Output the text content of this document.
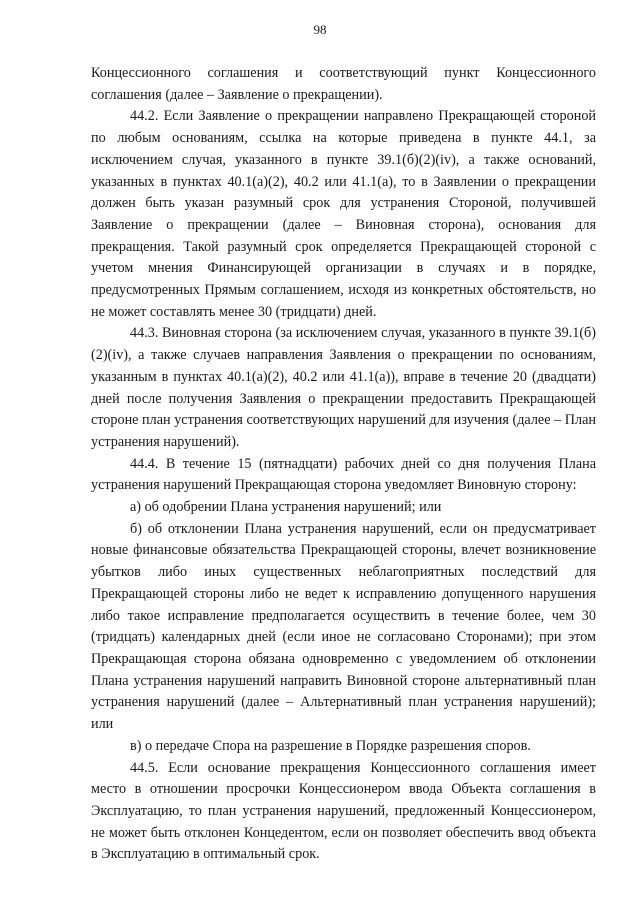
98

Концессионного соглашения и соответствующий пункт Концессионного соглашения (далее – Заявление о прекращении).

44.2. Если Заявление о прекращении направлено Прекращающей стороной по любым основаниям, ссылка на которые приведена в пункте 44.1, за исключением случая, указанного в пункте 39.1(б)(2)(iv), а также оснований, указанных в пунктах 40.1(а)(2), 40.2 или 41.1(а), то в Заявлении о прекращении должен быть указан разумный срок для устранения Стороной, получившей Заявление о прекращении (далее – Виновная сторона), основания для прекращения. Такой разумный срок определяется Прекращающей стороной с учетом мнения Финансирующей организации в случаях и в порядке, предусмотренных Прямым соглашением, исходя из конкретных обстоятельств, но не может составлять менее 30 (тридцати) дней.

44.3. Виновная сторона (за исключением случая, указанного в пункте 39.1(б)(2)(iv), а также случаев направления Заявления о прекращении по основаниям, указанным в пунктах 40.1(а)(2), 40.2 или 41.1(а)), вправе в течение 20 (двадцати) дней после получения Заявления о прекращении предоставить Прекращающей стороне план устранения соответствующих нарушений для изучения (далее – План устранения нарушений).

44.4. В течение 15 (пятнадцати) рабочих дней со дня получения Плана устранения нарушений Прекращающая сторона уведомляет Виновную сторону:

а) об одобрении Плана устранения нарушений; или

б) об отклонении Плана устранения нарушений, если он предусматривает новые финансовые обязательства Прекращающей стороны, влечет возникновение убытков либо иных существенных неблагоприятных последствий для Прекращающей стороны либо не ведет к исправлению допущенного нарушения либо такое исправление предполагается осуществить в течение более, чем 30 (тридцать) календарных дней (если иное не согласовано Сторонами); при этом Прекращающая сторона обязана одновременно с уведомлением об отклонении Плана устранения нарушений направить Виновной стороне альтернативный план устранения нарушений (далее – Альтернативный план устранения нарушений); или

в) о передаче Спора на разрешение в Порядке разрешения споров.

44.5. Если основание прекращения Концессионного соглашения имеет место в отношении просрочки Концессионером ввода Объекта соглашения в Эксплуатацию, то план устранения нарушений, предложенный Концессионером, не может быть отклонен Концедентом, если он позволяет обеспечить ввод объекта в Эксплуатацию в оптимальный срок.
